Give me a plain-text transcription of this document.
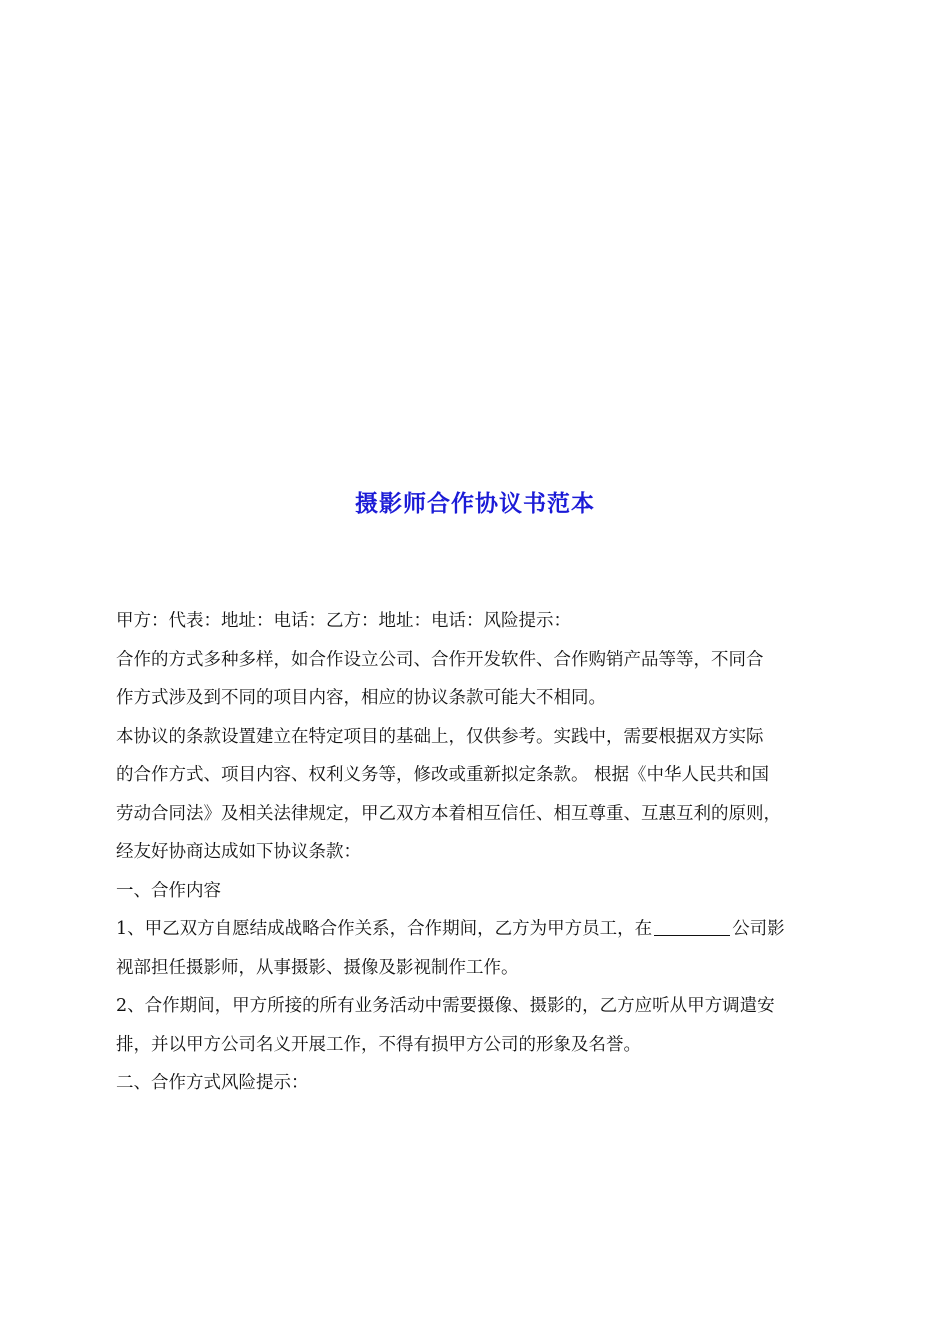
摄影师合作协议书范本

甲方：代表：地址：电话：乙方：地址：电话：风险提示：

合作的方式多种多样，如合作设立公司、合作开发软件、合作购销产品等等，不同合

作方式涉及到不同的项目内容，相应的协议条款可能大不相同。

本协议的条款设置建立在特定项目的基础上，仅供参考。实践中，需要根据双方实际

的合作方式、项目内容、权利义务等，修改或重新拟定条款。 根据《中华人民共和国

劳动合同法》及相关法律规定，甲乙双方本着相互信任、相互尊重、互惠互利的原则，

经友好协商达成如下协议条款：

一、合作内容

1、甲乙双方自愿结成战略合作关系，合作期间，乙方为甲方员工，在	公司影

视部担任摄影师，从事摄影、摄像及影视制作工作。

2、合作期间，甲方所接的所有业务活动中需要摄像、摄影的，乙方应听从甲方调遣安

排，并以甲方公司名义开展工作，不得有损甲方公司的形象及名誉。

二、合作方式风险提示：
